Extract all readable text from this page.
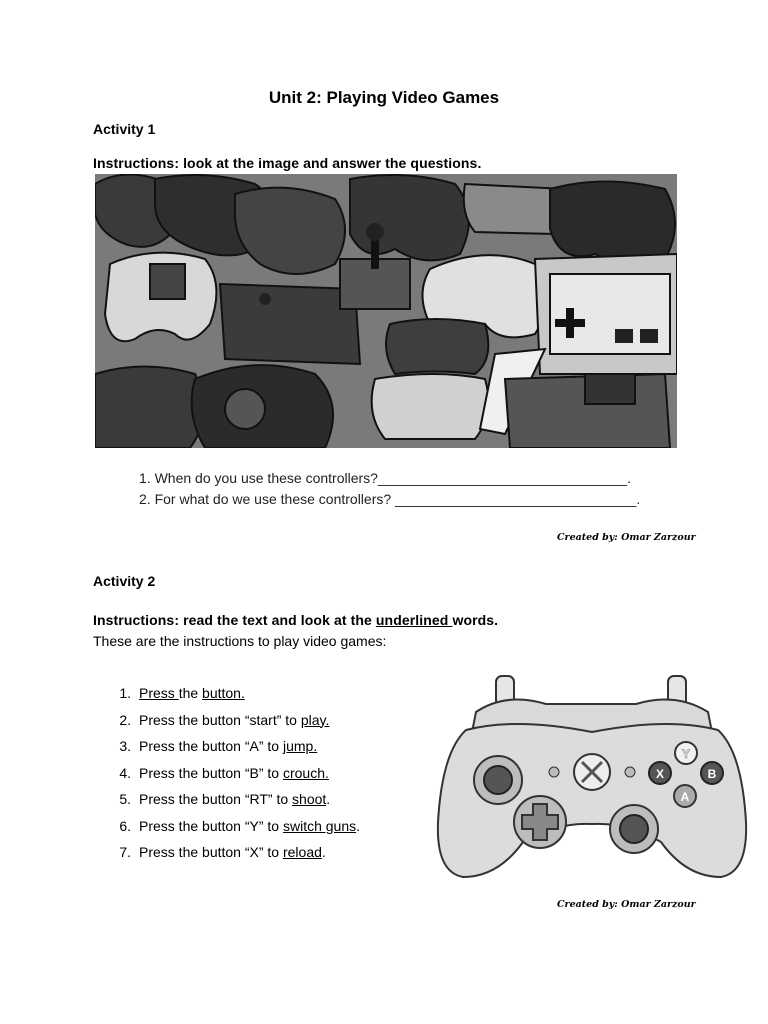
Unit 2: Playing Video Games
Activity 1
Instructions: look at the image and answer the questions.
1. When do you use these controllers?________________________________.
2. For what do we use these controllers? _______________________________.
Created by: Omar Zarzour
Activity 2
Instructions: read the text and look at the underlined words.
These are the instructions to play video games:
1. Press the button.
2. Press the button “start” to play.
3. Press the button “A” to jump.
4. Press the button “B” to crouch.
5. Press the button “RT” to shoot.
6. Press the button “Y” to switch guns.
7. Press the button “X” to reload.
Y
X	B
A
Created by: Omar Zarzour
